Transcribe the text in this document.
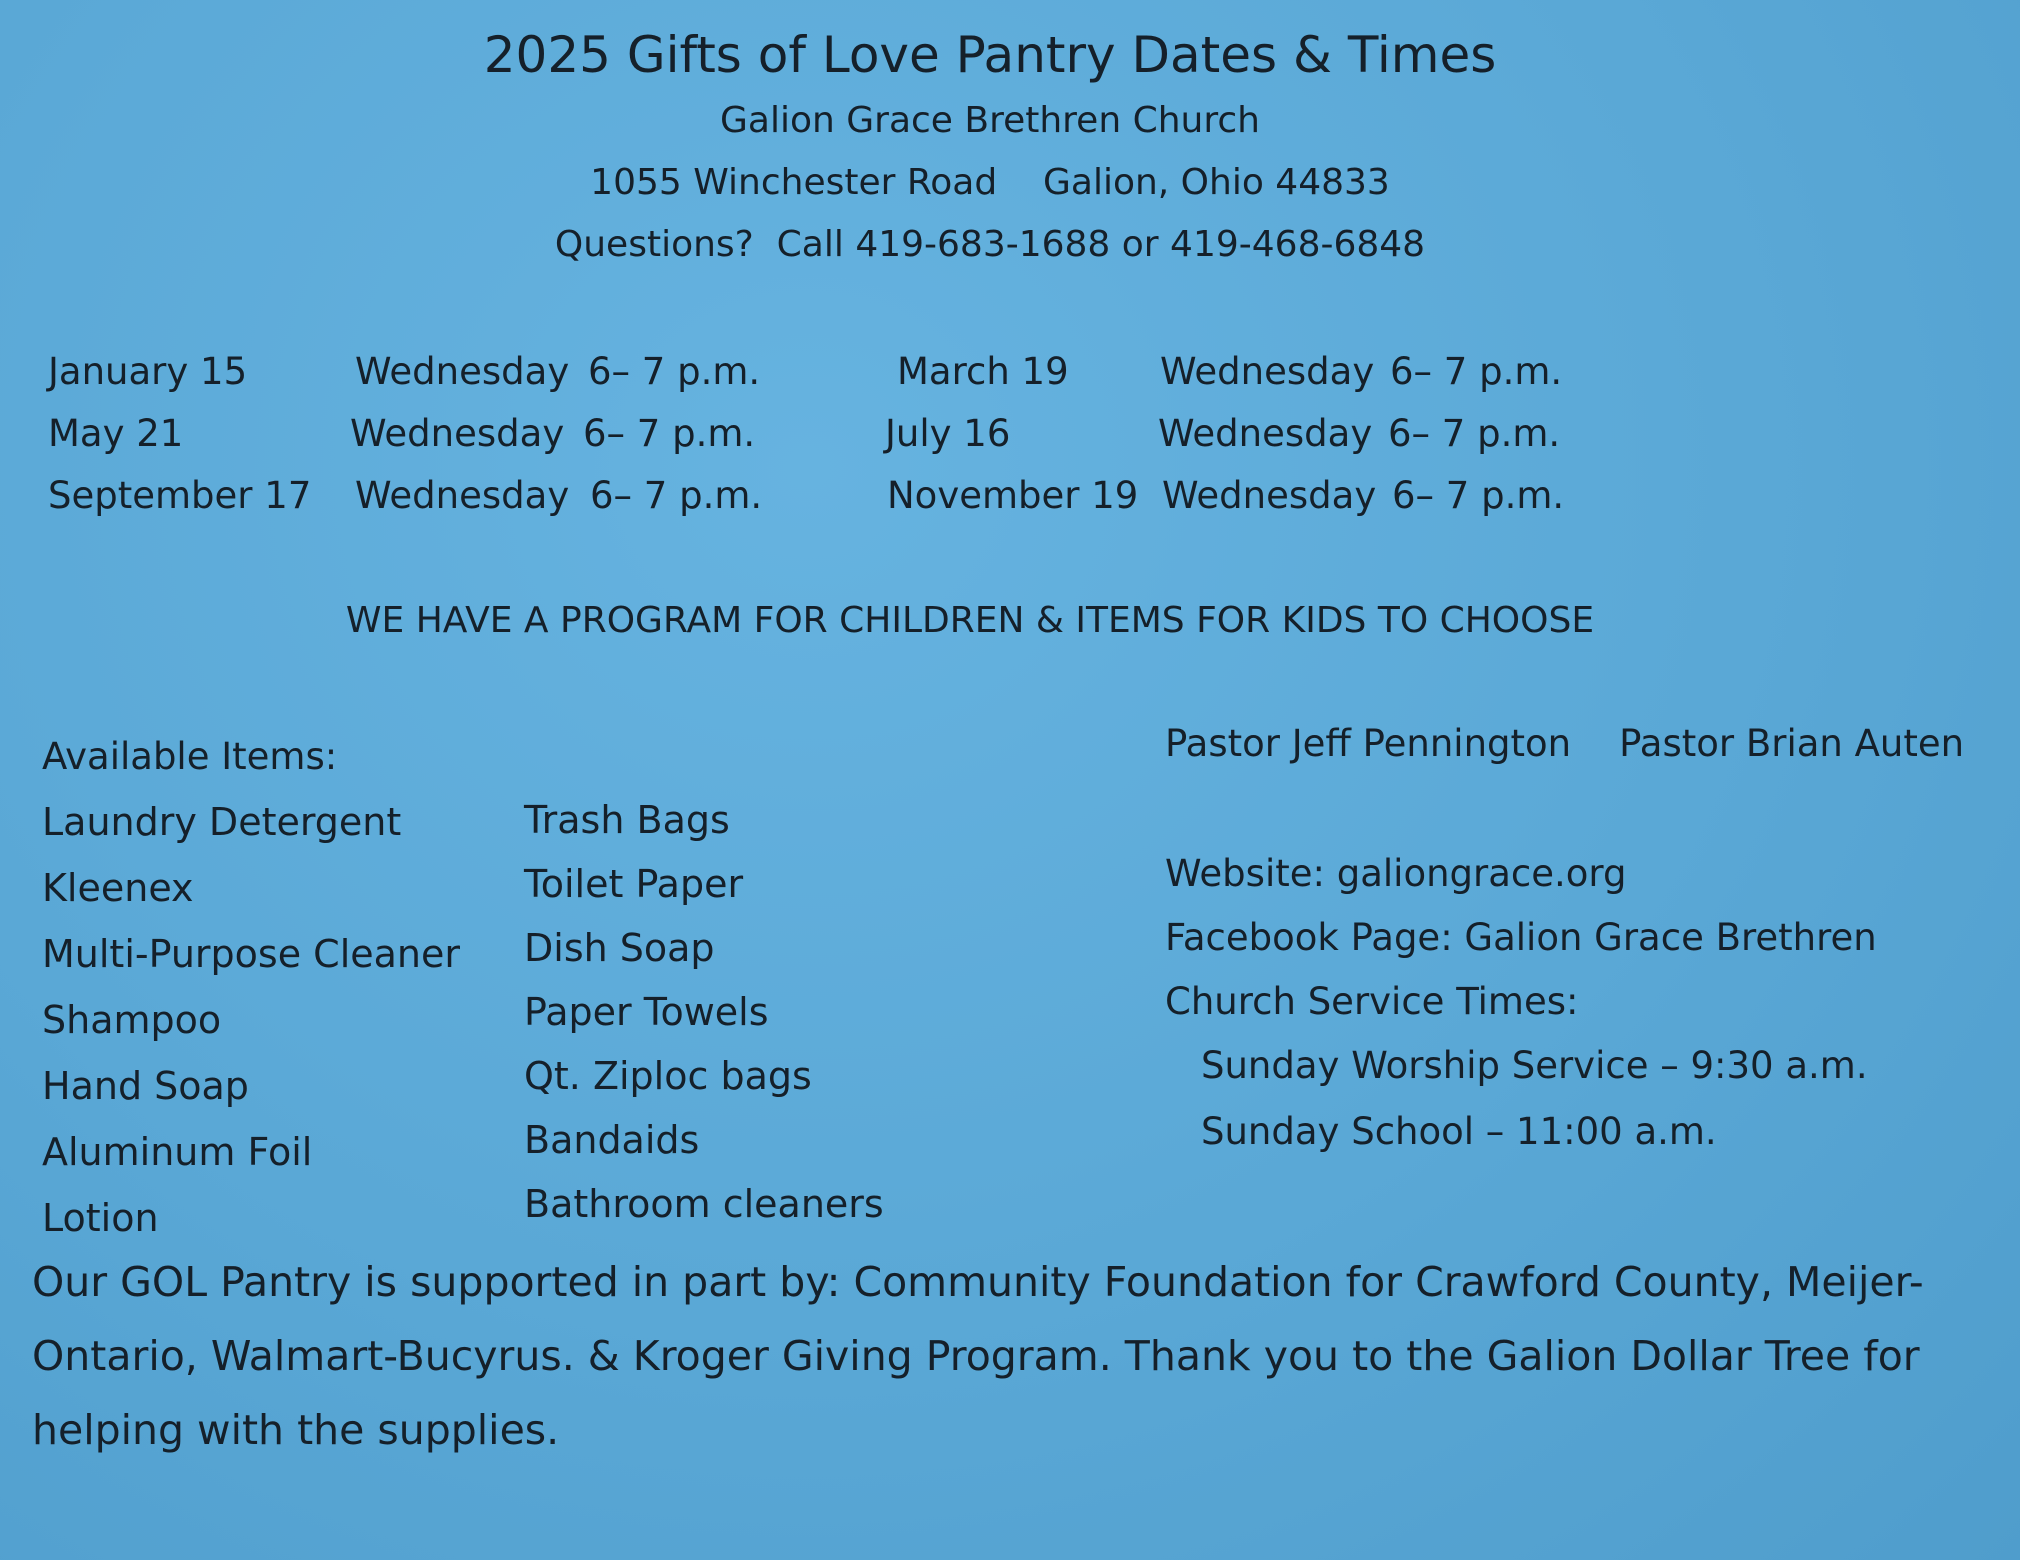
2025 Gifts of Love Pantry Dates & Times
Galion Grace Brethren Church
1055 Winchester Road    Galion, Ohio 44833
Questions?  Call 419-683-1688 or 419-468-6848
January 15	Wednesday 6– 7 p.m.	March 19 Wednesday 6– 7 p.m.
May 21	Wednesday 6– 7 p.m.	July 16	Wednesday 6– 7 p.m.
September 17 Wednesday 6– 7 p.m.	November 19 Wednesday 6– 7 p.m.
WE HAVE A PROGRAM FOR CHILDREN & ITEMS FOR KIDS TO CHOOSE
Available Items:
Laundry Detergent
Kleenex
Multi-Purpose Cleaner
Shampoo
Hand Soap
Aluminum Foil
Lotion
Trash Bags
Toilet Paper
Dish Soap
Paper Towels
Qt. Ziploc bags
Bandaids
Bathroom cleaners
Pastor Jeff Pennington Pastor Brian Auten
Website: galiongrace.org
Facebook Page: Galion Grace Brethren
Church Service Times:
Sunday Worship Service – 9:30 a.m.
Sunday School – 11:00 a.m.
Our GOL Pantry is supported in part by: Community Foundation for Crawford County, Meijer-Ontario, Walmart-Bucyrus. & Kroger Giving Program. Thank you to the Galion Dollar Tree for helping with the supplies.
